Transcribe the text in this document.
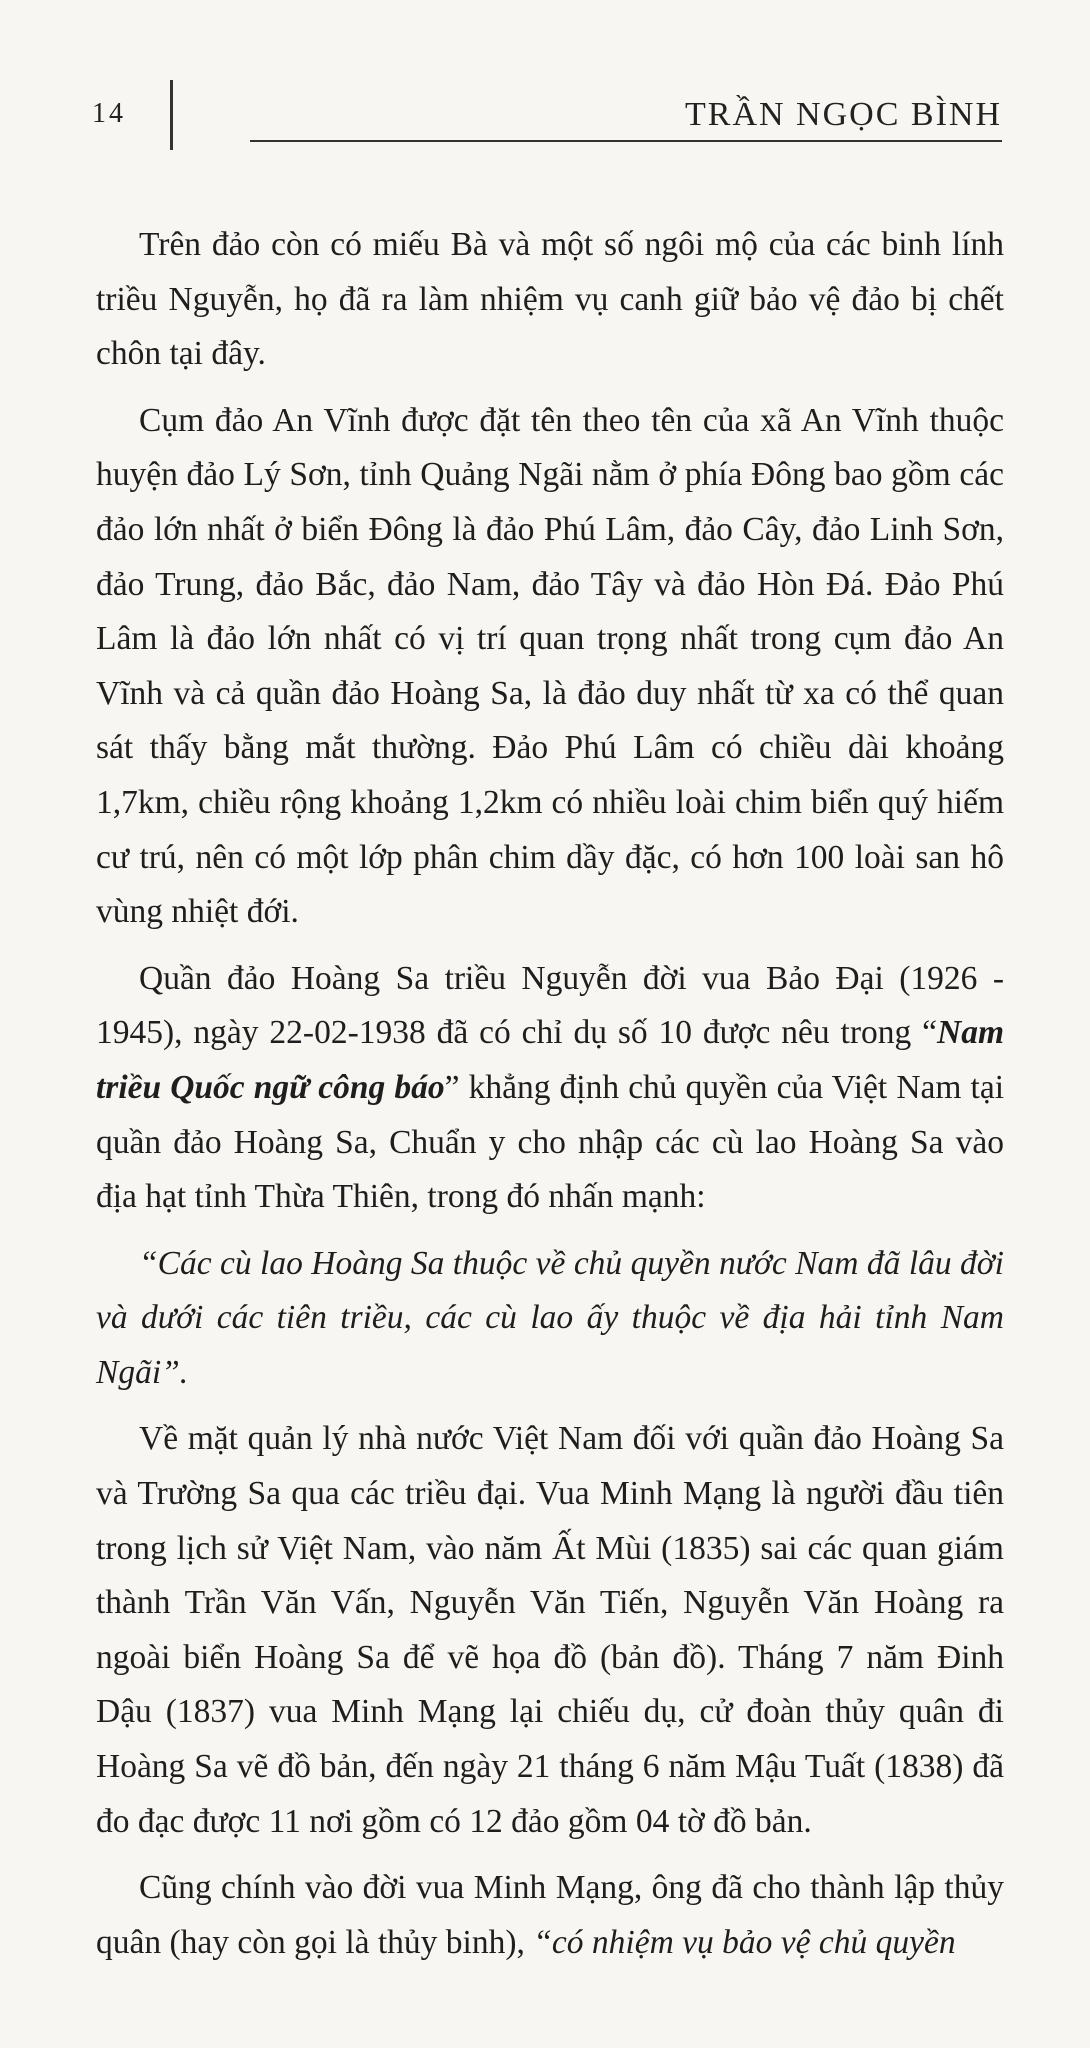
14	TRẦN NGỌC BÌNH

Trên đảo còn có miếu Bà và một số ngôi mộ của các binh lính triều Nguyễn, họ đã ra làm nhiệm vụ canh giữ bảo vệ đảo bị chết chôn tại đây.

Cụm đảo An Vĩnh được đặt tên theo tên của xã An Vĩnh thuộc huyện đảo Lý Sơn, tỉnh Quảng Ngãi nằm ở phía Đông bao gồm các đảo lớn nhất ở biển Đông là đảo Phú Lâm, đảo Cây, đảo Linh Sơn, đảo Trung, đảo Bắc, đảo Nam, đảo Tây và đảo Hòn Đá. Đảo Phú Lâm là đảo lớn nhất có vị trí quan trọng nhất trong cụm đảo An Vĩnh và cả quần đảo Hoàng Sa, là đảo duy nhất từ xa có thể quan sát thấy bằng mắt thường. Đảo Phú Lâm có chiều dài khoảng 1,7km, chiều rộng khoảng 1,2km có nhiều loài chim biển quý hiếm cư trú, nên có một lớp phân chim dầy đặc, có hơn 100 loài san hô vùng nhiệt đới.

Quần đảo Hoàng Sa triều Nguyễn đời vua Bảo Đại (1926 - 1945), ngày 22-02-1938 đã có chỉ dụ số 10 được nêu trong “Nam triều Quốc ngữ công báo” khẳng định chủ quyền của Việt Nam tại quần đảo Hoàng Sa, Chuẩn y cho nhập các cù lao Hoàng Sa vào địa hạt tỉnh Thừa Thiên, trong đó nhấn mạnh:

“Các cù lao Hoàng Sa thuộc về chủ quyền nước Nam đã lâu đời và dưới các tiên triều, các cù lao ấy thuộc về địa hải tỉnh Nam Ngãi”.

Về mặt quản lý nhà nước Việt Nam đối với quần đảo Hoàng Sa và Trường Sa qua các triều đại. Vua Minh Mạng là người đầu tiên trong lịch sử Việt Nam, vào năm Ất Mùi (1835) sai các quan giám thành Trần Văn Vấn, Nguyễn Văn Tiến, Nguyễn Văn Hoàng ra ngoài biển Hoàng Sa để vẽ họa đồ (bản đồ). Tháng 7 năm Đinh Dậu (1837) vua Minh Mạng lại chiếu dụ, cử đoàn thủy quân đi Hoàng Sa vẽ đồ bản, đến ngày 21 tháng 6 năm Mậu Tuất (1838) đã đo đạc được 11 nơi gồm có 12 đảo gồm 04 tờ đồ bản.

Cũng chính vào đời vua Minh Mạng, ông đã cho thành lập thủy quân (hay còn gọi là thủy binh), “có nhiệm vụ bảo vệ chủ quyền
